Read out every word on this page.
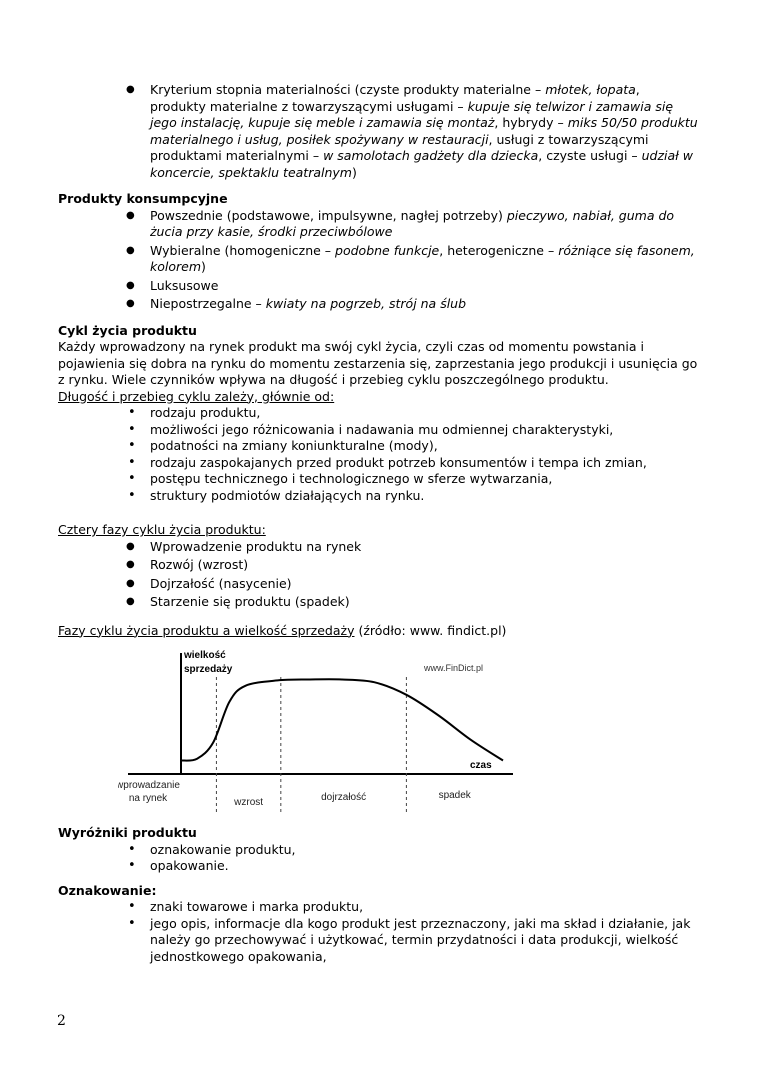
● Kryterium stopnia materialności (czyste produkty materialne – młotek, łopata, produkty materialne z towarzyszącymi usługami – kupuje się telwizor i zamawia się jego instalację, kupuje się meble i zamawia się montaż, hybrydy – miks 50/50 produktu materialnego i usług, posiłek spożywany w restauracji, usługi z towarzyszącymi produktami materialnymi – w samolotach gadżety dla dziecka, czyste usługi – udział w koncercie, spektaklu teatralnym)
Produkty konsumpcyjne
● Powszednie (podstawowe, impulsywne, nagłej potrzeby) pieczywo, nabiał, guma do żucia przy kasie, środki przeciwbólowe
● Wybieralne (homogeniczne – podobne funkcje, heterogeniczne – różniące się fasonem, kolorem)
● Luksusowe
● Niepostrzegalne – kwiaty na pogrzeb, strój na ślub
Cykl życia produktu
Każdy wprowadzony na rynek produkt ma swój cykl życia, czyli czas od momentu powstania i pojawienia się dobra na rynku do momentu zestarzenia się, zaprzestania jego produkcji i usunięcia go z rynku. Wiele czynników wpływa na długość i przebieg cyklu poszczególnego produktu.
Długość i przebieg cyklu zależy, głównie od:
• rodzaju produktu,
• możliwości jego różnicowania i nadawania mu odmiennej charakterystyki,
• podatności na zmiany koniunkturalne (mody),
• rodzaju zaspokajanych przed produkt potrzeb konsumentów i tempa ich zmian,
• postępu technicznego i technologicznego w sferze wytwarzania,
• struktury podmiotów działających na rynku.
Cztery fazy cyklu życia produktu:
● Wprowadzenie produktu na rynek
● Rozwój (wzrost)
● Dojrzałość (nasycenie)
● Starzenie się produktu (spadek)
Fazy cyklu życia produktu a wielkość sprzedaży (źródło: www. findict.pl)
wielkość
sprzedaży	www.FinDict.pl
czas
wprowadzanie
na rynek	wzrost	dojrzałość	spadek
Wyróżniki produktu
• oznakowanie produktu,
• opakowanie.
Oznakowanie:
• znaki towarowe i marka produktu,
• jego opis, informacje dla kogo produkt jest przeznaczony, jaki ma skład i działanie, jak należy go przechowywać i użytkować, termin przydatności i data produkcji, wielkość jednostkowego opakowania,
2
